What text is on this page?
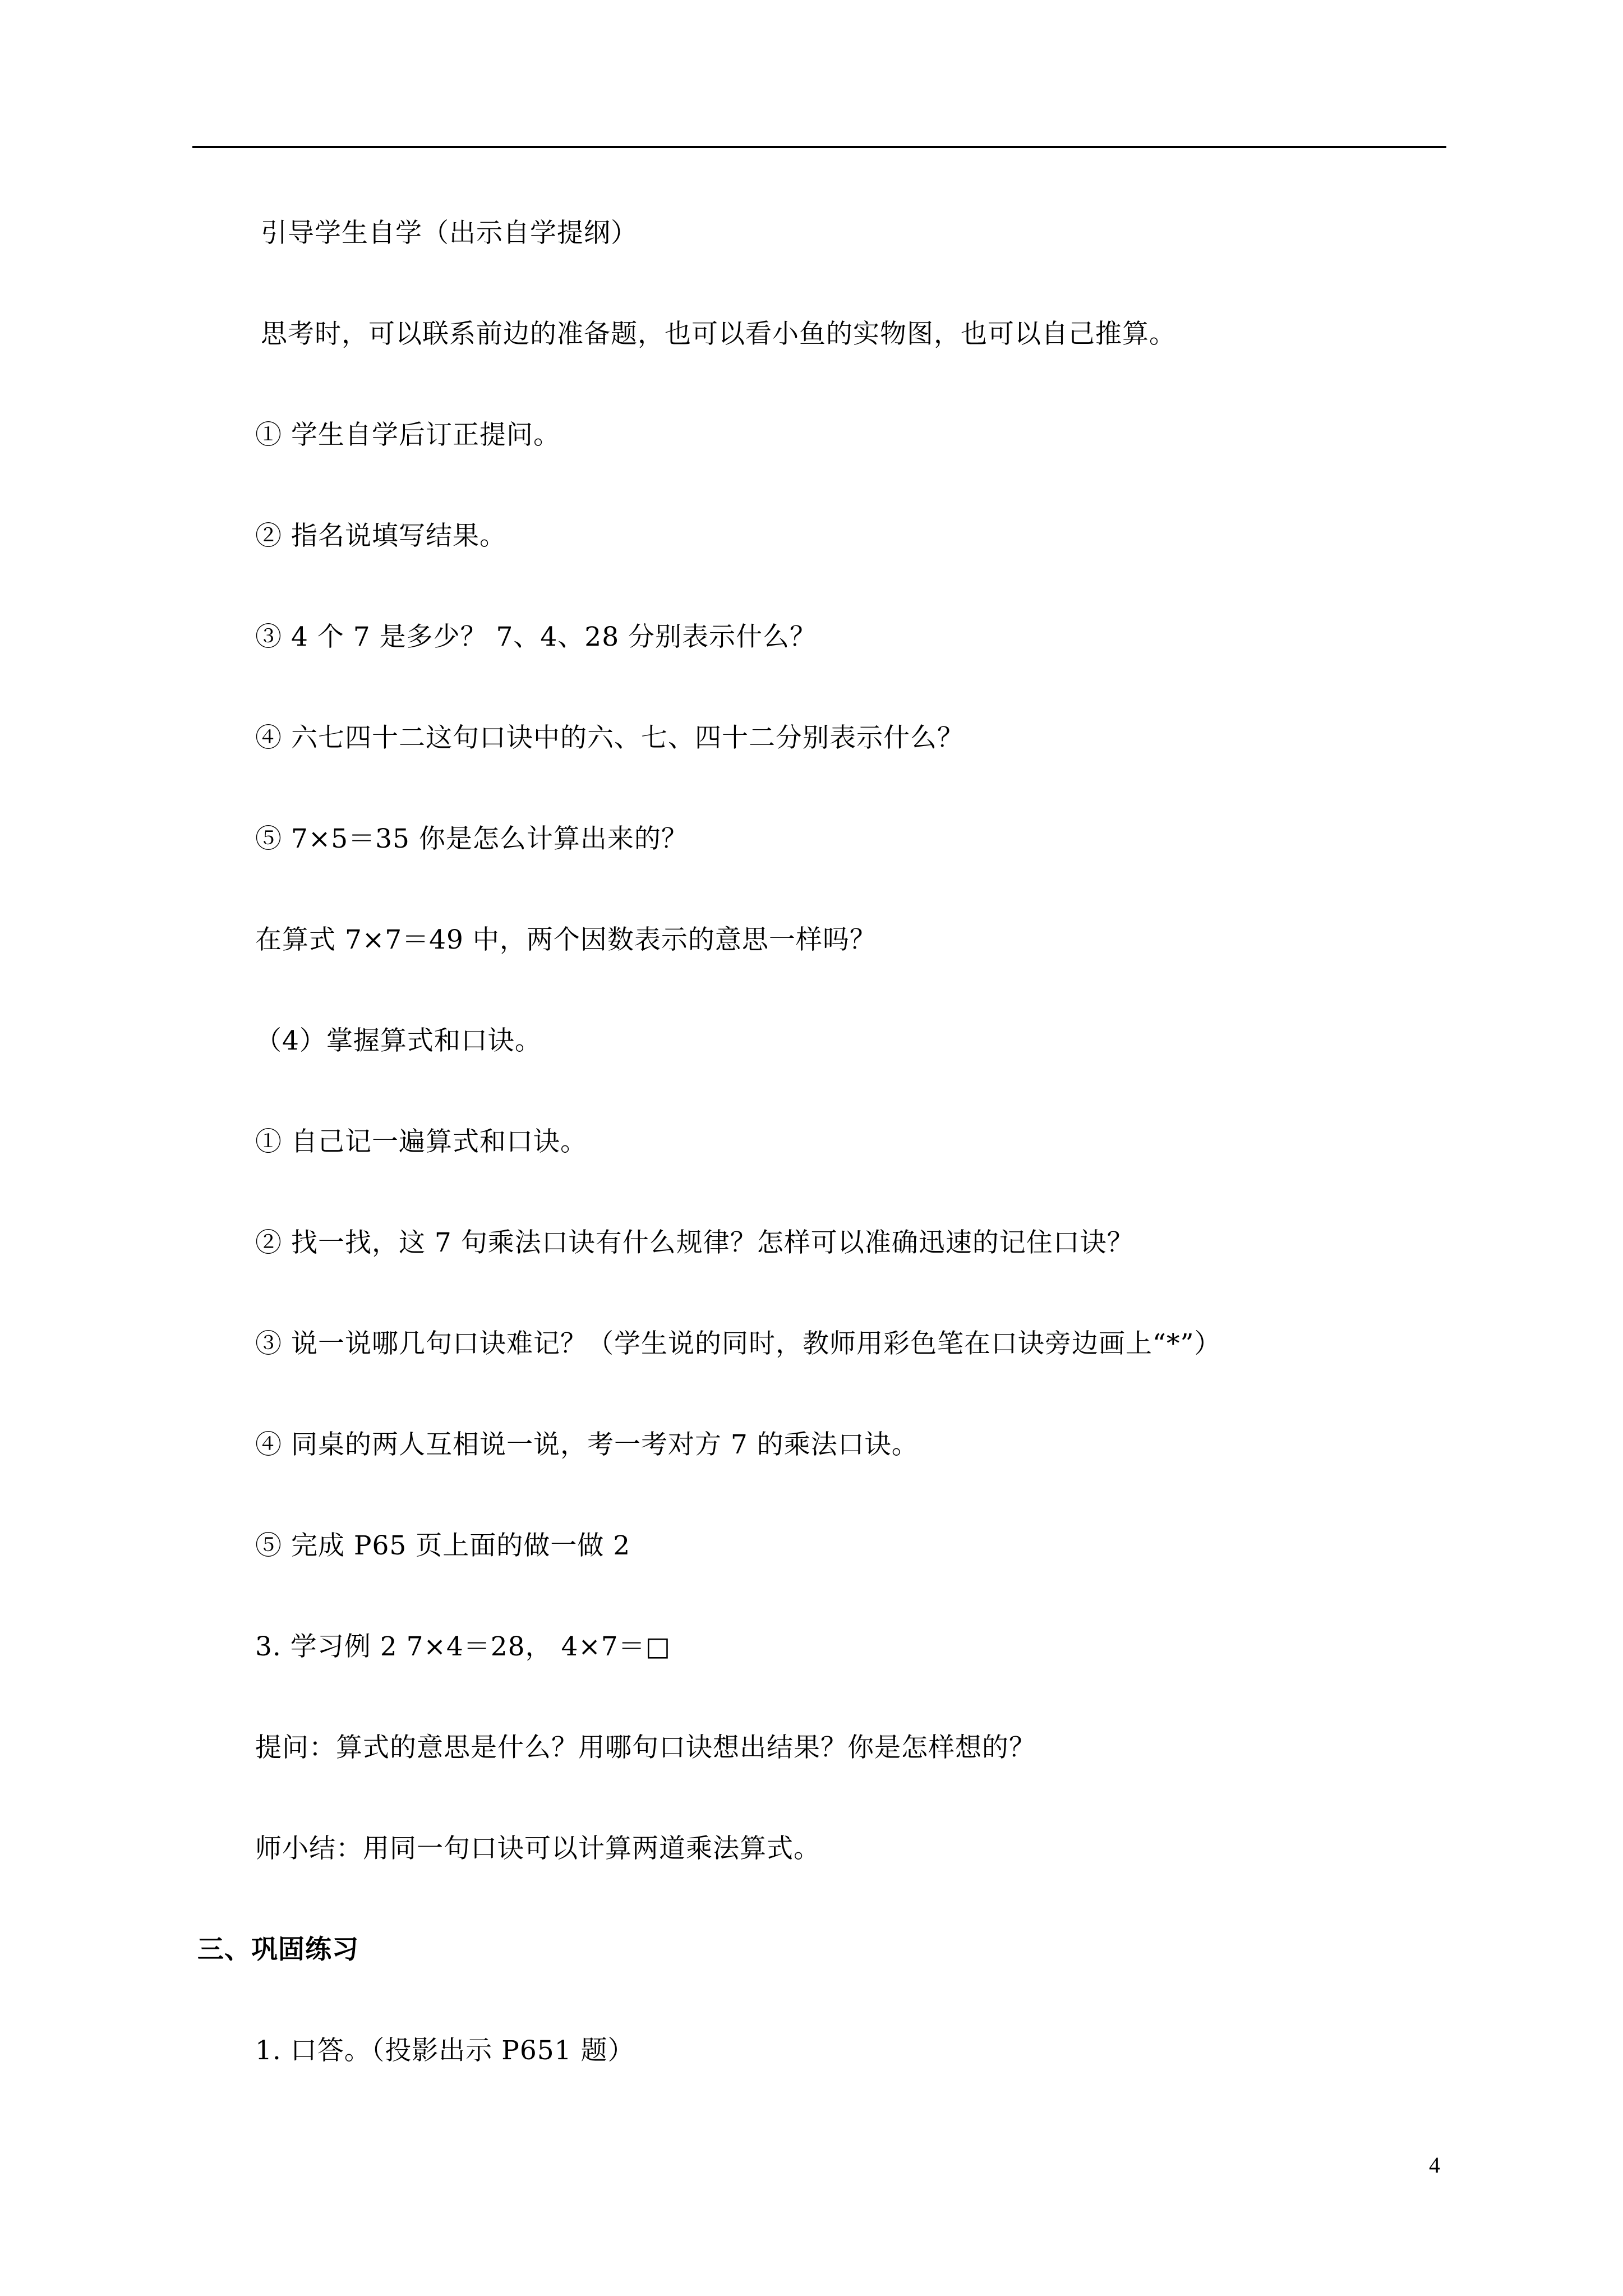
引导学生自学（出示自学提纲）
思考时，可以联系前边的准备题，也可以看小鱼的实物图，也可以自己推算。
① 学生自学后订正提问。
② 指名说填写结果。
③ 4 个 7 是多少？ 7、4、28 分别表示什么？
④ 六七四十二这句口诀中的六、七、四十二分别表示什么？
⑤ 7×5＝35 你是怎么计算出来的？
在算式 7×7＝49 中，两个因数表示的意思一样吗？
（4）掌握算式和口诀。
① 自己记一遍算式和口诀。
② 找一找，这 7 句乘法口诀有什么规律？怎样可以准确迅速的记住口诀？
③ 说一说哪几句口诀难记？（学生说的同时，教师用彩色笔在口诀旁边画上“*”）
④ 同桌的两人互相说一说，考一考对方 7 的乘法口诀。
⑤ 完成 P65 页上面的做一做 2
3. 学习例 2 7×4＝28， 4×7＝□
提问：算式的意思是什么？用哪句口诀想出结果？你是怎样想的？
师小结：用同一句口诀可以计算两道乘法算式。
三、巩固练习
1. 口答。（投影出示 P651 题）
4
